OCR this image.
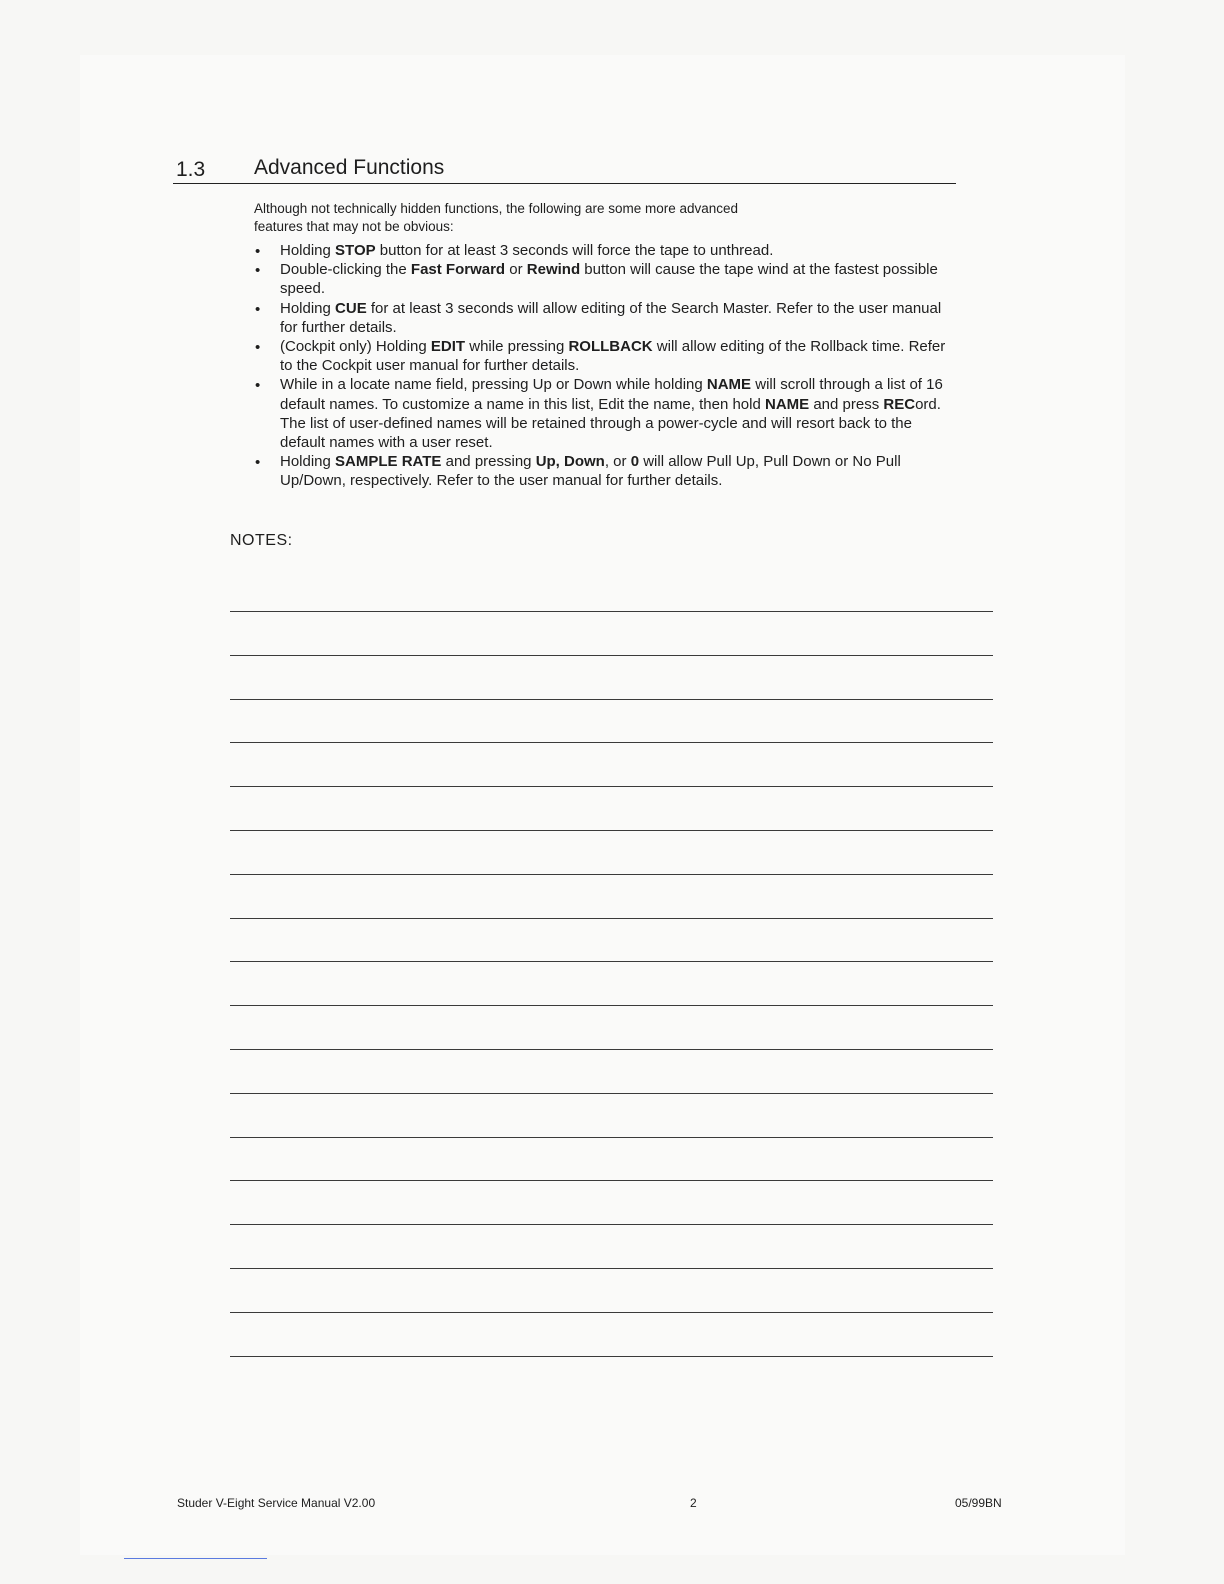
1.3 Advanced Functions
Although not technically hidden functions, the following are some more advanced
features that may not be obvious:
• Holding STOP button for at least 3 seconds will force the tape to unthread.
• Double-clicking the Fast Forward or Rewind button will cause the tape wind at the fastest possible speed.
• Holding CUE for at least 3 seconds will allow editing of the Search Master. Refer to the user manual for further details.
• (Cockpit only) Holding EDIT while pressing ROLLBACK will allow editing of the Rollback time. Refer to the Cockpit user manual for further details.
• While in a locate name field, pressing Up or Down while holding NAME will scroll through a list of 16 default names. To customize a name in this list, Edit the name, then hold NAME and press RECord. The list of user-defined names will be retained through a power-cycle and will resort back to the default names with a user reset.
• Holding SAMPLE RATE and pressing Up, Down, or 0 will allow Pull Up, Pull Down or No Pull Up/Down, respectively. Refer to the user manual for further details.
NOTES:
Studer V-Eight Service Manual V2.00	2	05/99BN
